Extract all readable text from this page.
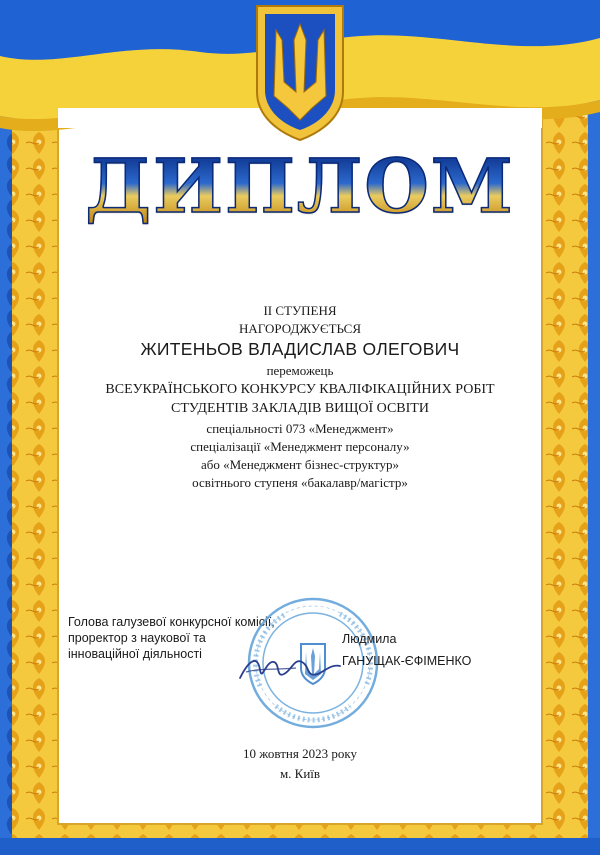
ДИПЛОМ
II СТУПЕНЯ
НАГОРОДЖУЄТЬСЯ
ЖИТЕНЬОВ ВЛАДИСЛАВ ОЛЕГОВИЧ
переможець
ВСЕУКРАЇНСЬКОГО КОНКУРСУ КВАЛІФІКАЦІЙНИХ РОБІТ
СТУДЕНТІВ ЗАКЛАДІВ ВИЩОЇ ОСВІТИ
спеціальності 073 «Менеджмент»
спеціалізації «Менеджмент персоналу»
або «Менеджмент бізнес-структур»
освітнього ступеня «бакалавр/магістр»
Голова галузевої конкурсної комісії,
проректор з наукової та
інноваційної діяльності
Людмила
ГАНУЩАК-ЄФІМЕНКО
10 жовтня 2023 року
м. Київ
